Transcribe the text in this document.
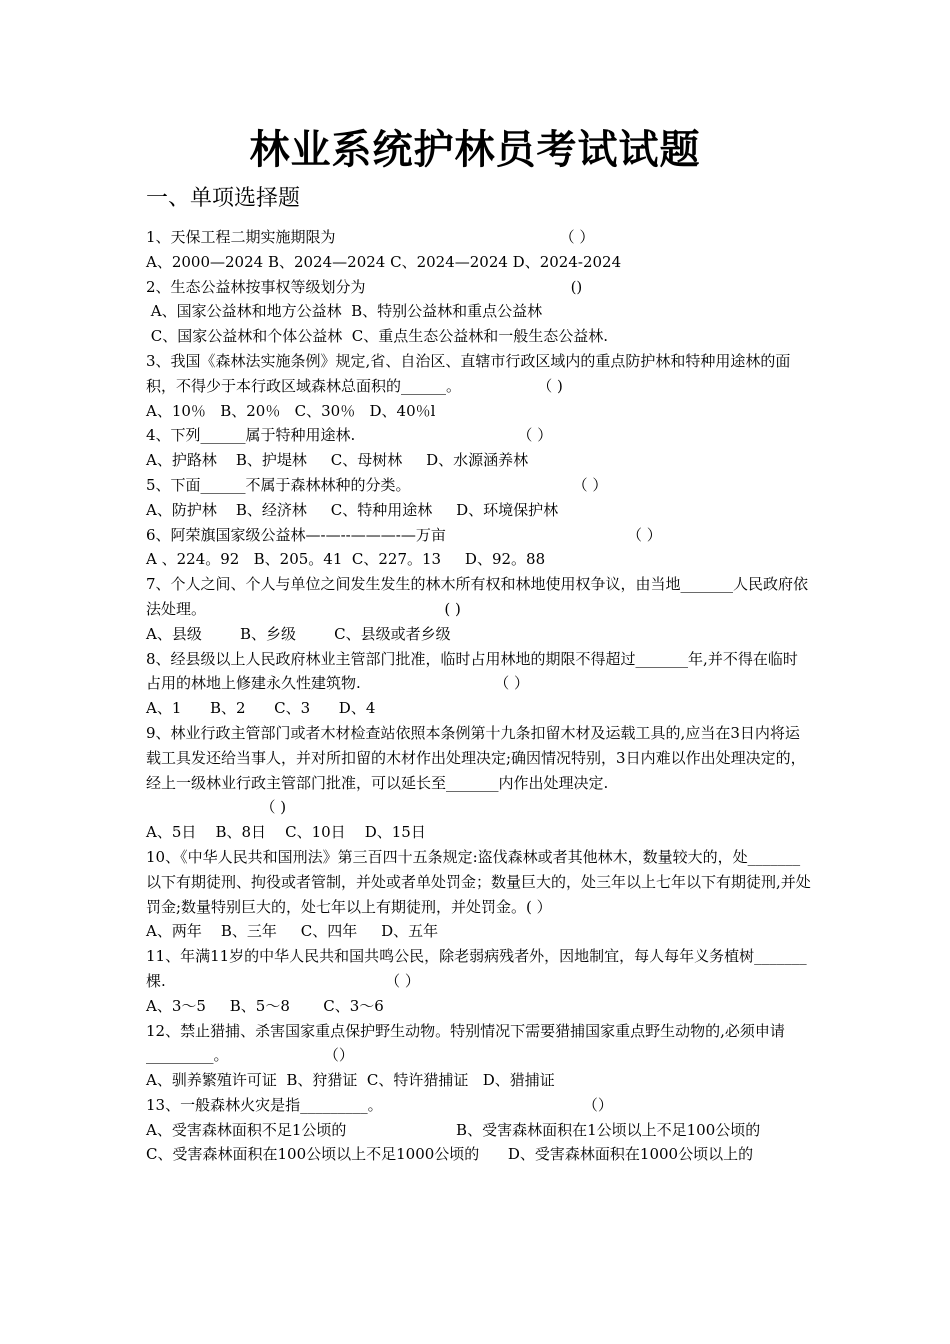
林业系统护林员考试试题
一、单项选择题

1、天保工程二期实施期限为                                               （ ）

A、2000—2024 B、2024—2024 C、2024—2024 D、2024-2024

2、生态公益林按事权等级划分为                                           ()

A、国家公益林和地方公益林  B、特别公益林和重点公益林

C、国家公益林和个体公益林  C、重点生态公益林和一般生态公益林.

3、我国《森林法实施条例》规定,省、自治区、直辖市行政区域内的重点防护林和特种用途林的面积，不得少于本行政区域森林总面积的______。                （ )

A、10％   B、20％   C、30％   D、40％l

4、下列______属于特种用途林.                                  （ ）

A、护路林    B、护堤林     C、母树林     D、水源涵养林

5、下面______不属于森林林种的分类。                                  （ ）

A、防护林    B、经济林     C、特种用途林     D、环境保护林

6、阿荣旗国家级公益林—-—--———-—万亩                                      （ ）

A 、224。92   B、205。41  C、227。13     D、92。88

7、个人之间、个人与单位之间发生发生的林木所有权和林地使用权争议，由当地_______人民政府依法处理。                                                  ( )

A、县级        B、乡级        C、县级或者乡级

8、经县级以上人民政府林业主管部门批准，临时占用林地的期限不得超过_______年,并不得在临时占用的林地上修建永久性建筑物.                            （ ）

A、1      B、2      C、3      D、4

9、林业行政主管部门或者木材检查站依照本条例第十九条扣留木材及运载工具的,应当在3日内将运载工具发还给当事人，并对所扣留的木材作出处理决定;确因情况特别，3日内难以作出处理决定的，经上一级林业行政主管部门批准，可以延长至_______内作出处理决定.
（ )

A、5日    B、8日    C、10日    D、15日

10、《中华人民共和国刑法》第三百四十五条规定:盗伐森林或者其他林木，数量较大的，处_______以下有期徒刑、拘役或者管制，并处或者单处罚金；数量巨大的，处三年以上七年以下有期徒刑,并处罚金;数量特别巨大的，处七年以上有期徒刑，并处罚金。( ）

A、两年    B、三年     C、四年     D、五年

11、年满11岁的中华人民共和国共鸣公民，除老弱病残者外，因地制宜，每人每年义务植树_______棵.                                              （ ）

A、3～5     B、5～8       C、3～6

12、禁止猎捕、杀害国家重点保护野生动物。特别情况下需要猎捕国家重点野生动物的,必须申请_________。                    （）

A、驯养繁殖许可证  B、狩猎证  C、特许猎捕证   D、猎捕证

13、一般森林火灾是指_________。                                          （）

A、受害森林面积不足1公顷的                       B、受害森林面积在1公顷以上不足100公顷的

C、受害森林面积在100公顷以上不足1000公顷的      D、受害森林面积在1000公顷以上的
